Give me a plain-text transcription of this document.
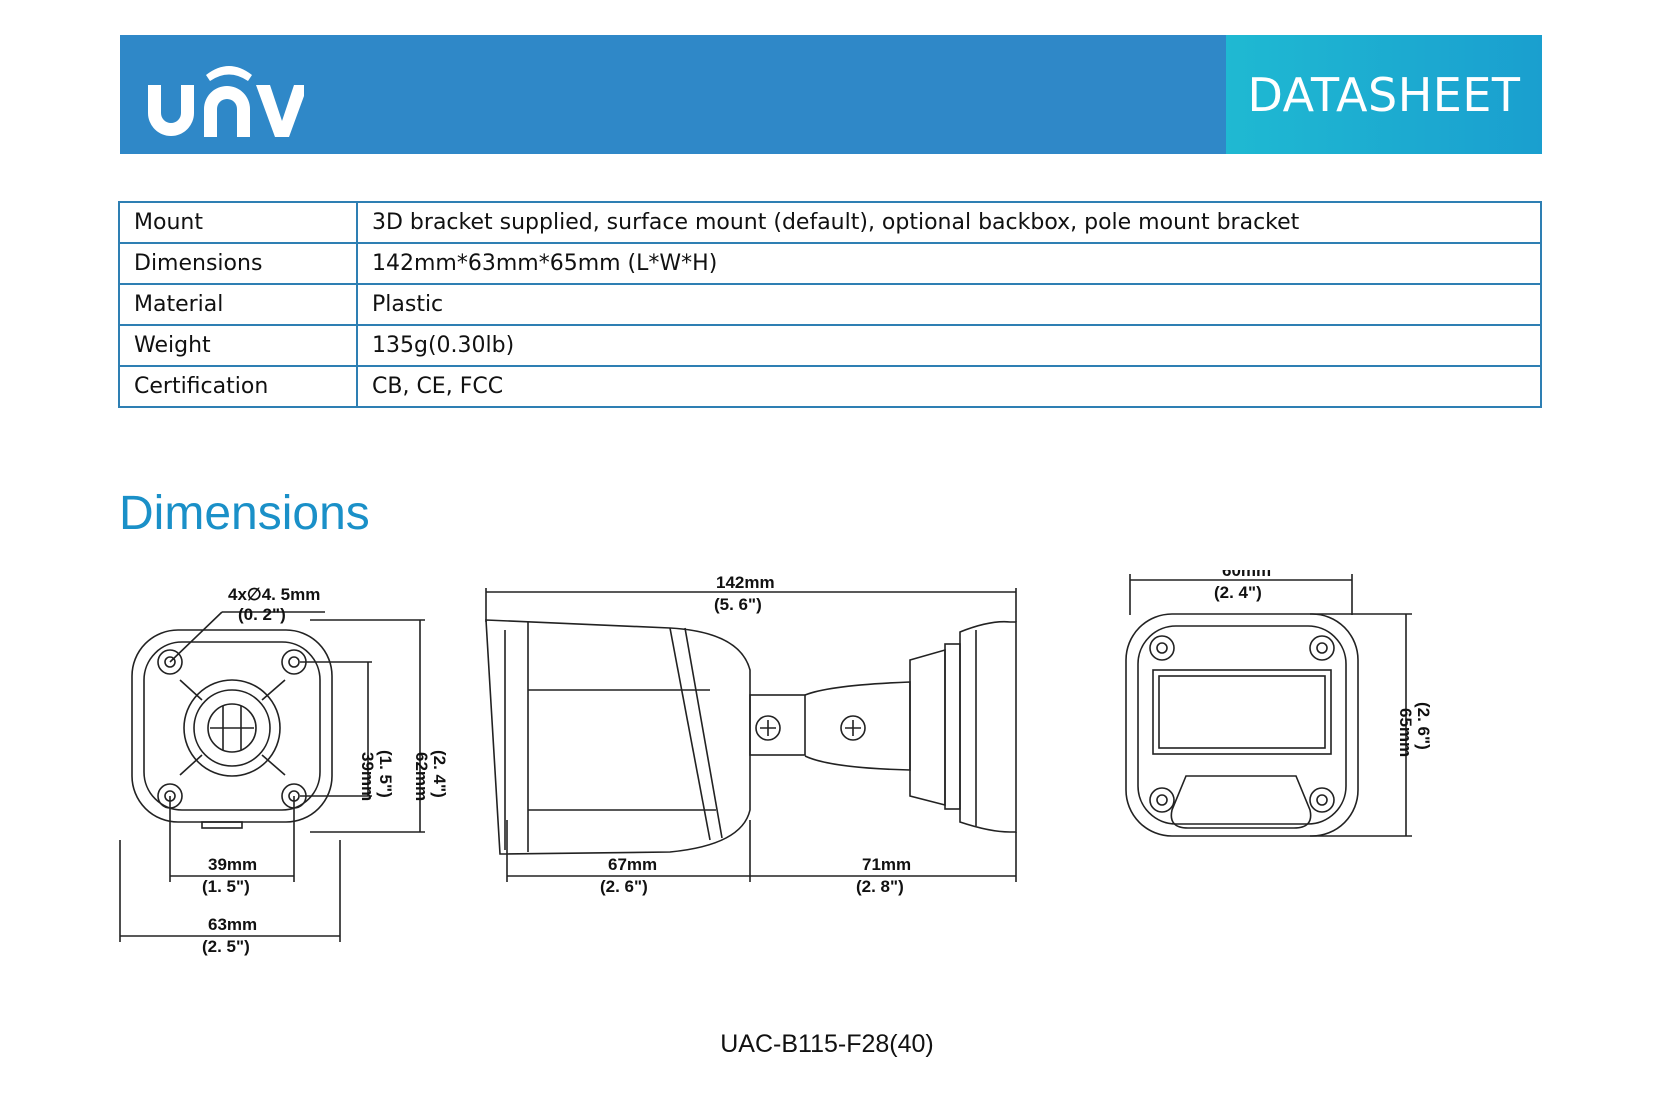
DATASHEET
Mount	3D bracket supplied, surface mount (default), optional backbox, pole mount bracket
Dimensions	142mm*63mm*65mm (L*W*H)
Material	Plastic
Weight	135g(0.30lb)
Certification	CB, CE, FCC
Dimensions
4x∅4. 5mm
(0. 2")
39mm (1. 5") 62mm (2. 4")
39mm
(1. 5")
63mm
(2. 5")
142mm
(5. 6")
67mm
(2. 6")
71mm
(2. 8")
60mm
(2. 4")
65mm (2. 6")
UAC-B115-F28(40)
